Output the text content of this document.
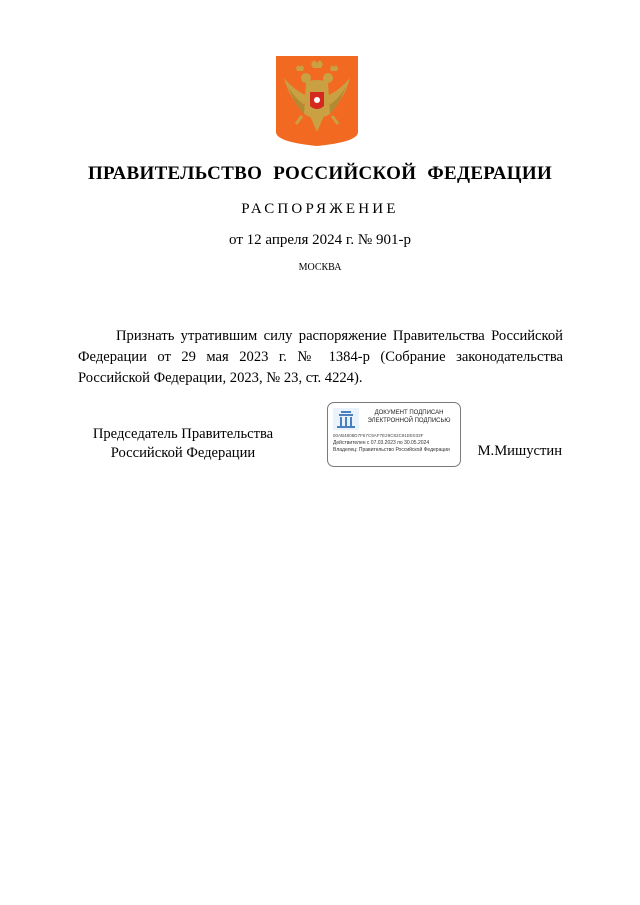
ПРАВИТЕЛЬСТВО РОССИЙСКОЙ ФЕДЕРАЦИИ
РАСПОРЯЖЕНИЕ
от 12 апреля 2024 г. № 901-р
МОСКВА
Признать утратившим силу распоряжение Правительства Российской Федерации от 29 мая 2023 г. № 1384-р (Собрание законодательства Российской Федерации, 2023, № 23, ст. 4224).
Председатель Правительства
Российской Федерации
ДОКУМЕНТ ПОДПИСАН
ЭЛЕКТРОННОЙ ПОДПИСЬЮ
00AB4808D7F67C9AF7E29C82C91EE033F
Действителен с 07.03.2023 по 30.05.2024
Владелец: Правительство Российской Федерации	М.Мишустин
